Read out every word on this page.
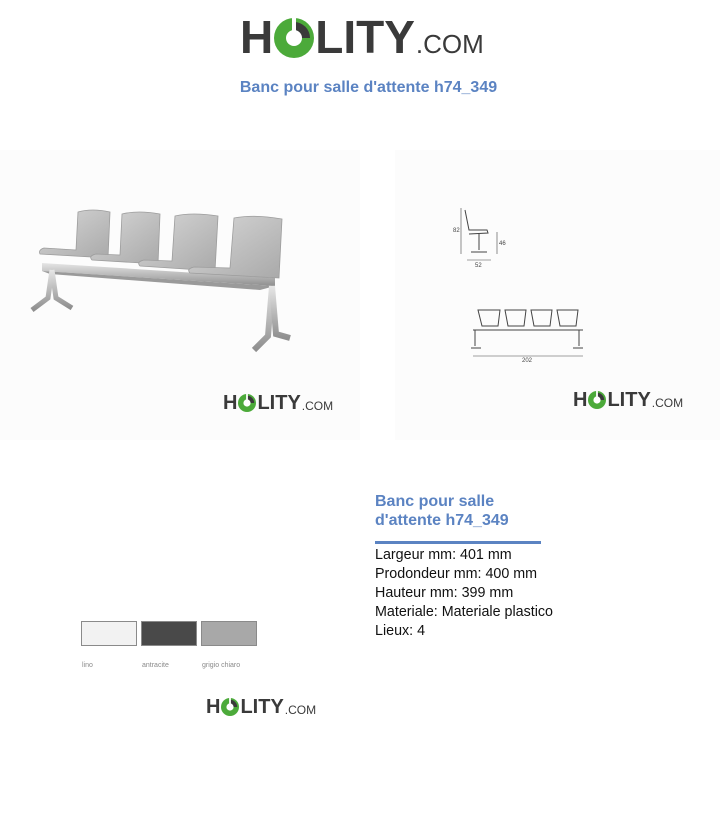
H LITY .COM
Banc pour salle d'attente h74_349
82
46
52
202
H LITY .COM	H LITY .COM
Banc pour salle
d'attente h74_349
Largeur mm: 401 mm
Prodondeur mm: 400 mm
Hauteur mm: 399 mm
Materiale: Materiale plastico
Lieux: 4
lino	antracite	grigio chiaro
H LITY .COM
